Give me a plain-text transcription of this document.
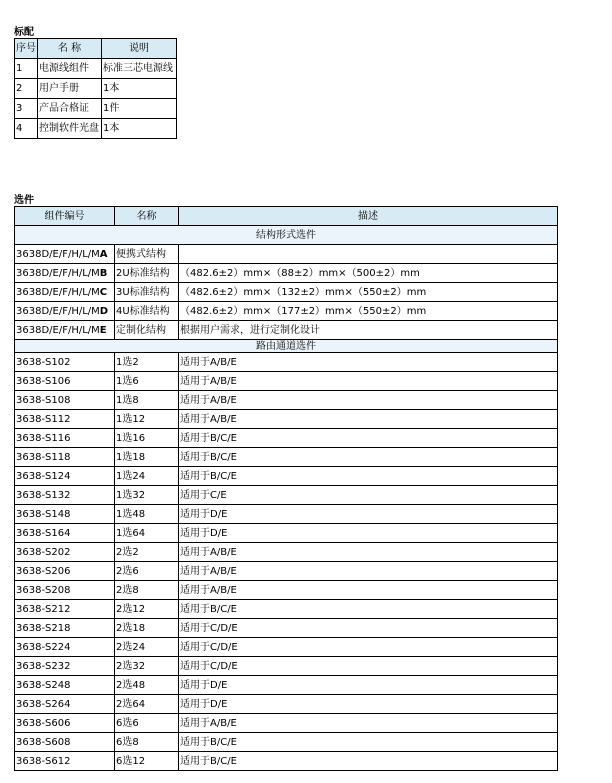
标配
序号	名 称	说明
1	电源线组件	标准三芯电源线
2	用户手册	1本
3	产品合格证	1件
4	控制软件光盘	1本
选件
组件编号	名称	描述
结构形式选件		
3638D/E/F/H/L/MA	便携式结构	
3638D/E/F/H/L/MB	2U标准结构	（482.6±2）mm×（88±2）mm×（500±2）mm
3638D/E/F/H/L/MC	3U标准结构	（482.6±2）mm×（132±2）mm×（550±2）mm
3638D/E/F/H/L/MD	4U标准结构	（482.6±2）mm×（177±2）mm×（550±2）mm
3638D/E/F/H/L/ME	定制化结构	根据用户需求，进行定制化设计
路由通道选件		
3638-S102	1选2	适用于A/B/E
3638-S106	1选6	适用于A/B/E
3638-S108	1选8	适用于A/B/E
3638-S112	1选12	适用于A/B/E
3638-S116	1选16	适用于B/C/E
3638-S118	1选18	适用于B/C/E
3638-S124	1选24	适用于B/C/E
3638-S132	1选32	适用于C/E
3638-S148	1选48	适用于D/E
3638-S164	1选64	适用于D/E
3638-S202	2选2	适用于A/B/E
3638-S206	2选6	适用于A/B/E
3638-S208	2选8	适用于A/B/E
3638-S212	2选12	适用于B/C/E
3638-S218	2选18	适用于C/D/E
3638-S224	2选24	适用于C/D/E
3638-S232	2选32	适用于C/D/E
3638-S248	2选48	适用于D/E
3638-S264	2选64	适用于D/E
3638-S606	6选6	适用于A/B/E
3638-S608	6选8	适用于B/C/E
3638-S612	6选12	适用于B/C/E
